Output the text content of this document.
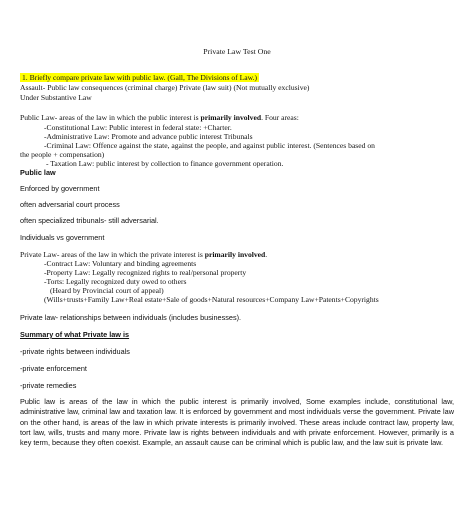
Private Law Test One
1. Briefly compare private law with public law. (Gall, The Divisions of Law.)
Assault- Public law consequences (criminal charge) Private (law suit) (Not mutually exclusive)
Under Substantive Law
Public Law- areas of the law in which the public interest is primarily involved. Four areas:
-Constitutional Law: Public interest in federal state: +Charter.
-Administrative Law: Promote and advance public interest Tribunals
-Criminal Law: Offence against the state, against the people, and against public interest. (Sentences based on
the people + compensation)
- Taxation Law: public interest by collection to finance government operation.
Public law
Enforced by government
often adversarial court process
often specialized tribunals- still adversarial.
Individuals vs government
Private Law- areas of the law in which the private interest is primarily involved.
-Contract Law: Voluntary and binding agreements
-Property Law: Legally recognized rights to real/personal property
-Torts: Legally recognized duty owed to others
(Heard by Provincial court of appeal)
(Wills+trusts+Family Law+Real estate+Sale of goods+Natural resources+Company Law+Patents+Copyrights
Private law- relationships between individuals (includes businesses).
Summary of what Private law is
-private rights between individuals
-private enforcement
-private remedies
Public law is areas of the law in which the public interest is primarily involved, Some examples include, constitutional law, administrative law, criminal law and taxation law. It is enforced by government and most individuals verse the government. Private law on the other hand, is areas of the law in which private interests is primarily involved. These areas include contract law, property law, tort law, wills, trusts and many more. Private law is rights between individuals and with private enforcement. However, primarily is a key term, because they often coexist. Example, an assault cause can be criminal which is public law, and the law suit is private law.
